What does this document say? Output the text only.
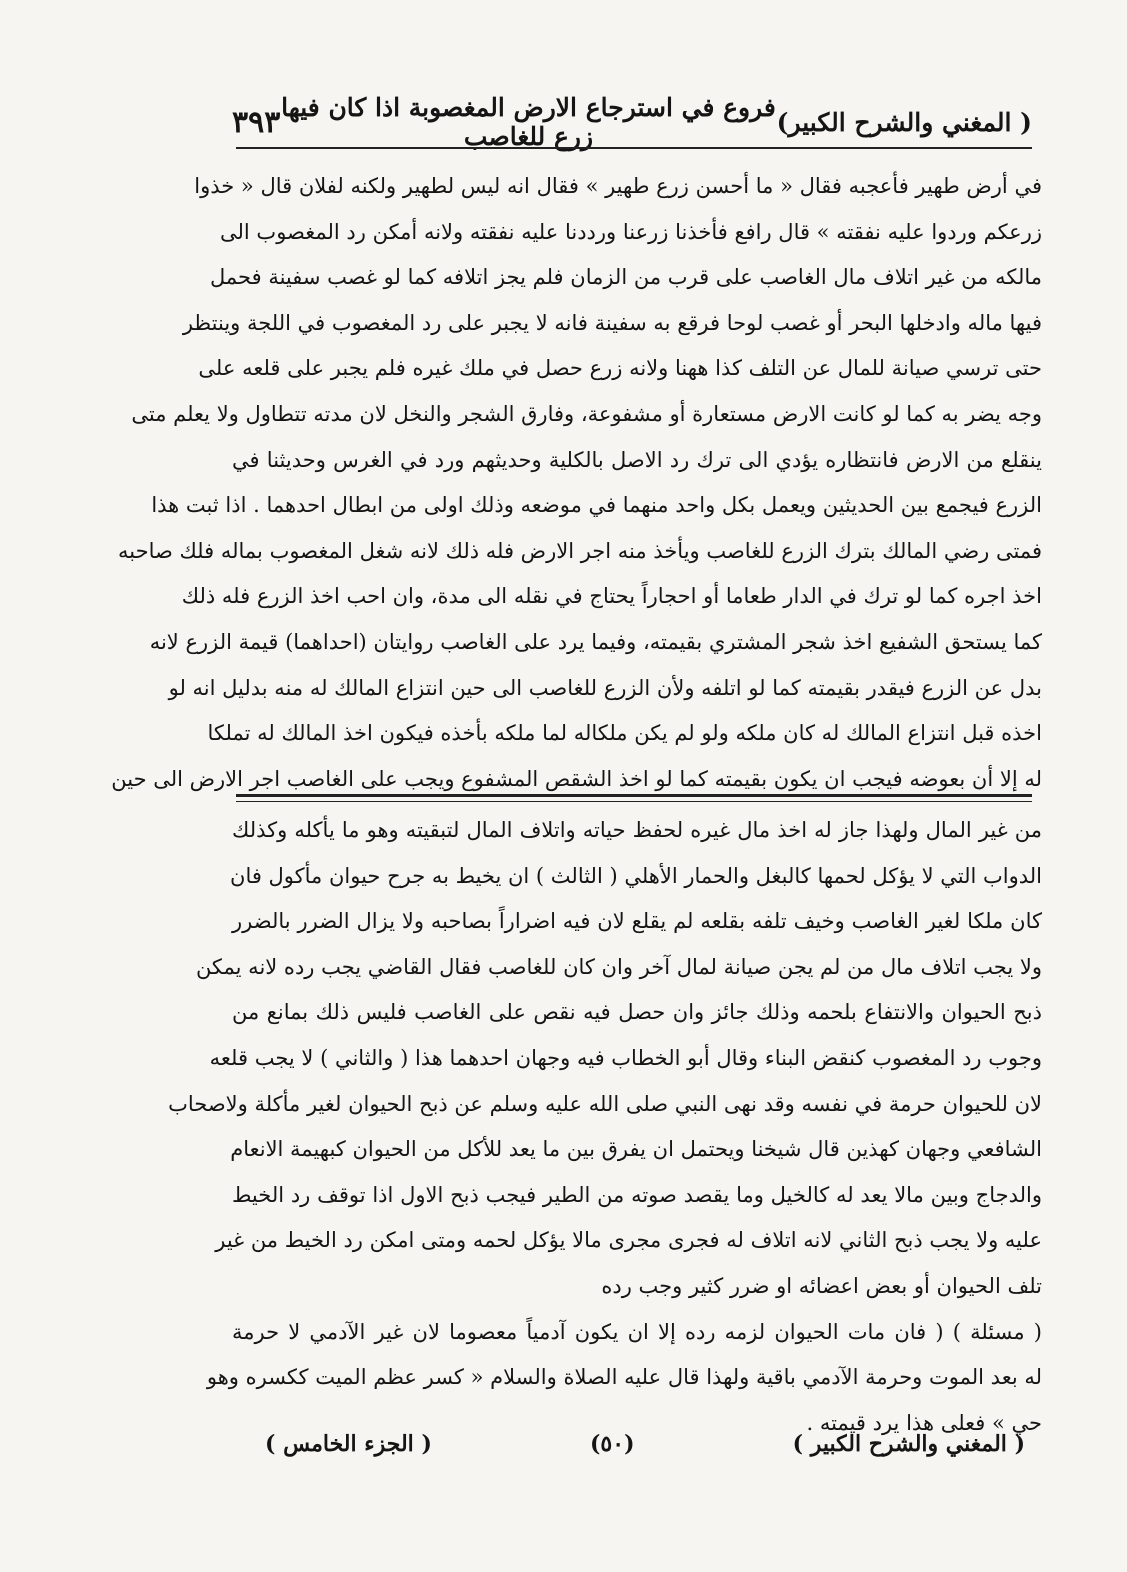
( المغني والشرح الكبير)
فروع في استرجاع الارض المغصوبة اذا كان فيها زرع للغاصب
٣٩٣
في أرض طهير فأعجبه فقال « ما أحسن زرع طهير » فقال انه ليس لطهير ولكنه لفلان قال « خذوا
زرعكم وردوا عليه نفقته » قال رافع فأخذنا زرعنا ورددنا عليه نفقته ولانه أمكن رد المغصوب الى
مالكه من غير اتلاف مال الغاصب على قرب من الزمان فلم يجز اتلافه كما لو غصب سفينة فحمل
فيها ماله وادخلها البحر أو غصب لوحا فرقع به سفينة فانه لا يجبر على رد المغصوب في اللجة وينتظر
حتى ترسي صيانة للمال عن التلف كذا ههنا ولانه زرع حصل في ملك غيره فلم يجبر على قلعه على
وجه يضر به كما لو كانت الارض مستعارة أو مشفوعة، وفارق الشجر والنخل لان مدته تتطاول ولا يعلم متى
ينقلع من الارض فانتظاره يؤدي الى ترك رد الاصل بالكلية وحديثهم ورد في الغرس وحديثنا في
الزرع فيجمع بين الحديثين ويعمل بكل واحد منهما في موضعه وذلك اولى من ابطال احدهما . اذا ثبت هذا
فمتى رضي المالك بترك الزرع للغاصب ويأخذ منه اجر الارض فله ذلك لانه شغل المغصوب بماله فلك صاحبه
اخذ اجره كما لو ترك في الدار طعاما أو احجاراً يحتاج في نقله الى مدة، وان احب اخذ الزرع فله ذلك
كما يستحق الشفيع اخذ شجر المشتري بقيمته، وفيما يرد على الغاصب روايتان (احداهما) قيمة الزرع لانه
بدل عن الزرع فيقدر بقيمته كما لو اتلفه ولأن الزرع للغاصب الى حين انتزاع المالك له منه بدليل انه لو
اخذه قبل انتزاع المالك له كان ملكه ولو لم يكن ملكاله لما ملكه بأخذه فيكون اخذ المالك له تملكا
له إلا أن بعوضه فيجب ان يكون بقيمته كما لو اخذ الشقص المشفوع ويجب على الغاصب اجر الارض الى حين
من غير المال ولهذا جاز له اخذ مال غيره لحفظ حياته واتلاف المال لتبقيته وهو ما يأكله وكذلك
الدواب التي لا يؤكل لحمها كالبغل والحمار الأهلي ( الثالث ) ان يخيط به جرح حيوان مأكول فان
كان ملكا لغير الغاصب وخيف تلفه بقلعه لم يقلع لان فيه اضراراً بصاحبه ولا يزال الضرر بالضرر
ولا يجب اتلاف مال من لم يجن صيانة لمال آخر وان كان للغاصب فقال القاضي يجب رده لانه يمكن
ذبح الحيوان والانتفاع بلحمه وذلك جائز وان حصل فيه نقص على الغاصب فليس ذلك بمانع من
وجوب رد المغصوب كنقض البناء وقال أبو الخطاب فيه وجهان احدهما هذا ( والثاني ) لا يجب قلعه
لان للحيوان حرمة في نفسه وقد نهى النبي صلى الله عليه وسلم عن ذبح الحيوان لغير مأكلة ولاصحاب
الشافعي وجهان كهذين قال شيخنا ويحتمل ان يفرق بين ما يعد للأكل من الحيوان كبهيمة الانعام
والدجاج وبين مالا يعد له كالخيل وما يقصد صوته من الطير فيجب ذبح الاول اذا توقف رد الخيط
عليه ولا يجب ذبح الثاني لانه اتلاف له فجرى مجرى مالا يؤكل لحمه ومتى امكن رد الخيط من غير
تلف الحيوان أو بعض اعضائه او ضرر كثير وجب رده
( مسئلة ) ( فان مات الحيوان لزمه رده إلا ان يكون آدمياً معصوما لان غير الآدمي لا حرمة
له بعد الموت وحرمة الآدمي باقية ولهذا قال عليه الصلاة والسلام « كسر عظم الميت ككسره وهو
حي » فعلى هذا يرد قيمته .
( المغني والشرح الكبير )
(٥٠)
( الجزء الخامس )
